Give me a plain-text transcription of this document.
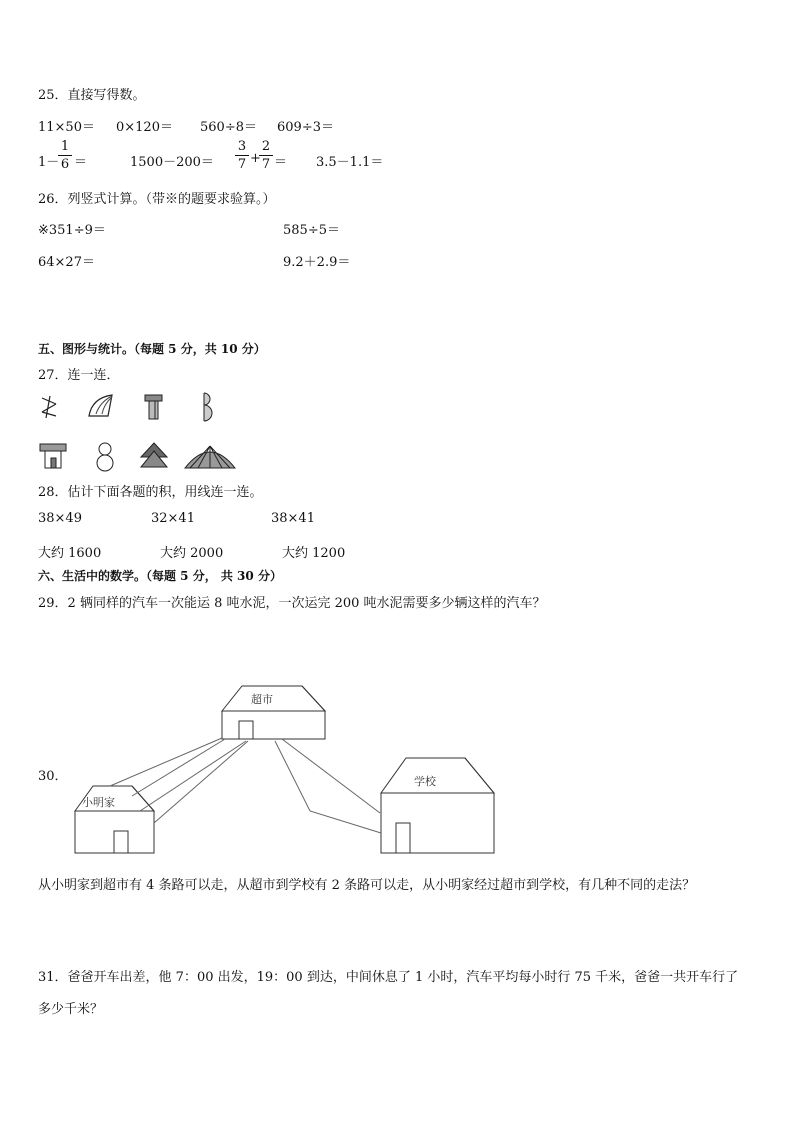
25．直接写得数。
11×50＝ 0×120＝ 560÷8＝ 609÷3＝
1－
1
6 ＝	1500－200＝
3
7 +
2
7 ＝ 3.5－1.1＝
26．列竖式计算。（带※的题要求验算。）
※351÷9＝	585÷5＝
64×27＝	9.2＋2.9＝
五、图形与统计。（每题 5 分，共 10 分）
27．连一连．
28．估计下面各题的积，用线连一连。
38×49	32×41	38×41
大约 1600	大约 2000	大约 1200
六、生活中的数学。（每题 5 分， 共 30 分）
29．2 辆同样的汽车一次能运 8 吨水泥，一次运完 200 吨水泥需要多少辆这样的汽车？
30．
超市
学校
小明家
从小明家到超市有 4 条路可以走，从超市到学校有 2 条路可以走，从小明家经过超市到学校，有几种不同的走法？
31．爸爸开车出差，他 7：00 出发，19：00 到达，中间休息了 1 小时，汽车平均每小时行 75 千米，爸爸一共开车行了
多少千米？
